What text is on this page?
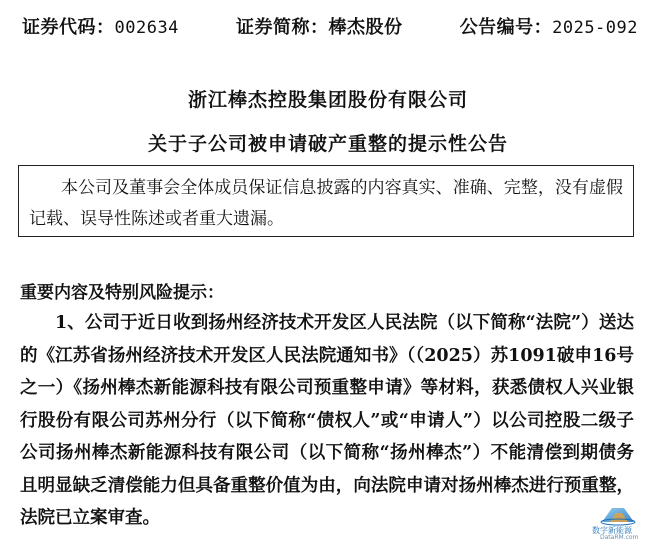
证券代码：002634	证券简称：棒杰股份	公告编号：2025-092
浙江棒杰控股集团股份有限公司
关于子公司被申请破产重整的提示性公告
本公司及董事会全体成员保证信息披露的内容真实、准确、完整，没有虚假记载、误导性陈述或者重大遗漏。
重要内容及特别风险提示：
1、公司于近日收到扬州经济技术开发区人民法院（以下简称“法院”）送达的《江苏省扬州经济技术开发区人民法院通知书》（（2025）苏1091破申16号之一）《扬州棒杰新能源科技有限公司预重整申请》等材料，获悉债权人兴业银行股份有限公司苏州分行（以下简称“债权人”或“申请人”）以公司控股二级子公司扬州棒杰新能源科技有限公司（以下简称“扬州棒杰”）不能清偿到期债务且明显缺乏清偿能力但具备重整价值为由，向法院申请对扬州棒杰进行预重整，法院已立案审查。
数字新能源
DataRM.com
